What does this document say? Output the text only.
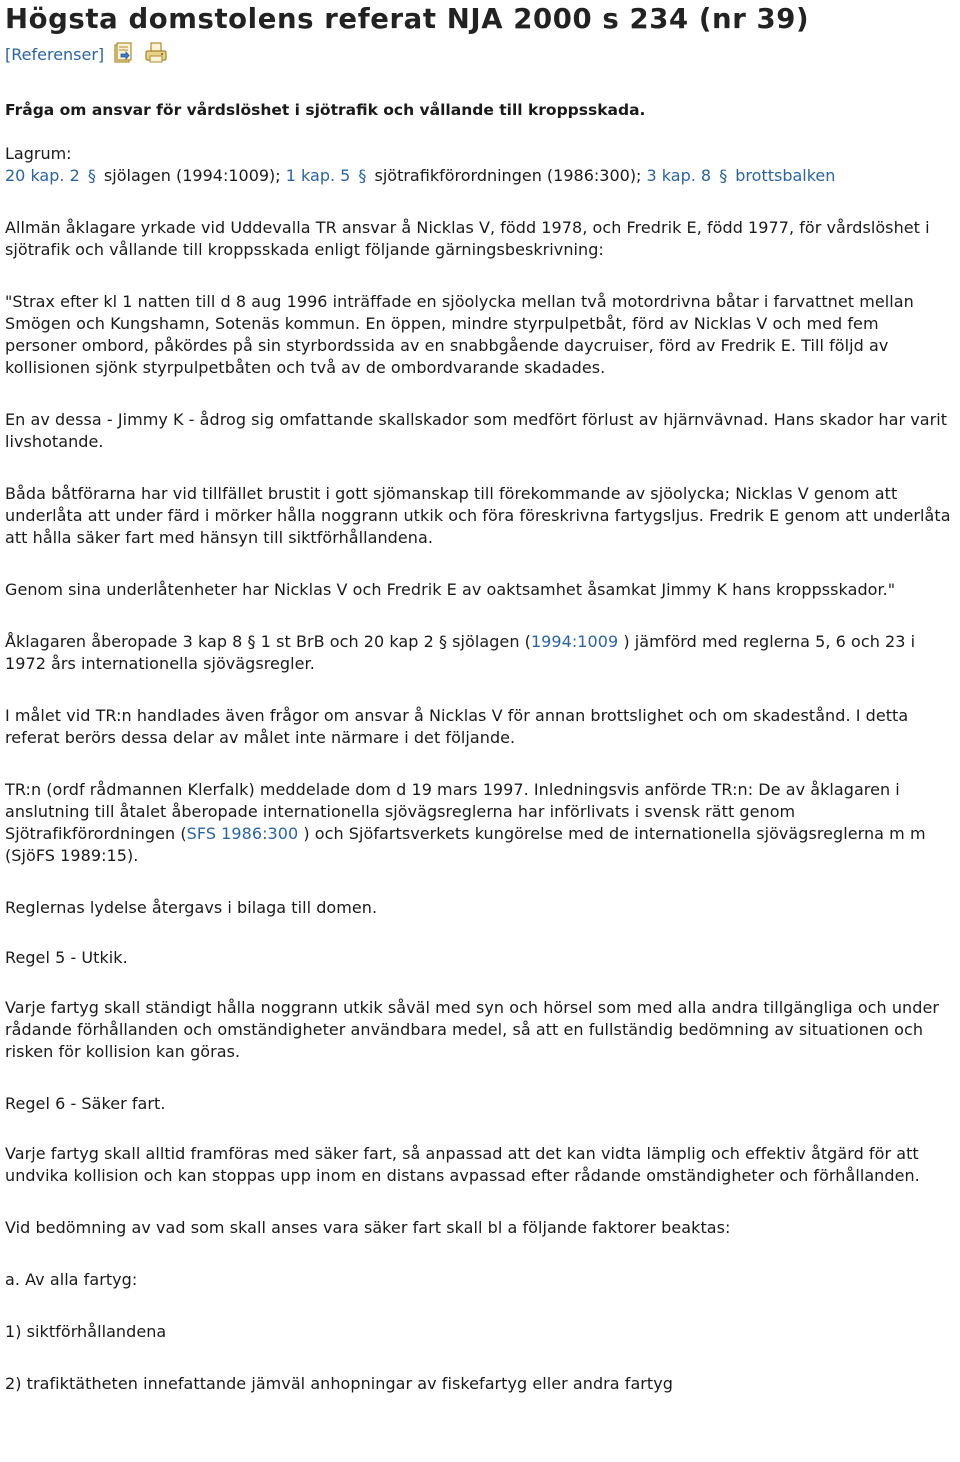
Högsta domstolens referat NJA 2000 s 234 (nr 39)
[Referenser]
Fråga om ansvar för vårdslöshet i sjötrafik och vållande till kroppsskada.
Lagrum:
20 kap. 2 § sjölagen (1994:1009); 1 kap. 5 § sjötrafikförordningen (1986:300); 3 kap. 8 § brottsbalken

Allmän åklagare yrkade vid Uddevalla TR ansvar å Nicklas V, född 1978, och Fredrik E, född 1977, för vårdslöshet i sjötrafik och vållande till kroppsskada enligt följande gärningsbeskrivning:

"Strax efter kl 1 natten till d 8 aug 1996 inträffade en sjöolycka mellan två motordrivna båtar i farvattnet mellan Smögen och Kungshamn, Sotenäs kommun. En öppen, mindre styrpulpetbåt, förd av Nicklas V och med fem personer ombord, påkördes på sin styrbordssida av en snabbgående daycruiser, förd av Fredrik E. Till följd av kollisionen sjönk styrpulpetbåten och två av de ombordvarande skadades.

En av dessa - Jimmy K - ådrog sig omfattande skallskador som medfört förlust av hjärnvävnad. Hans skador har varit livshotande.

Båda båtförarna har vid tillfället brustit i gott sjömanskap till förekommande av sjöolycka; Nicklas V genom att underlåta att under färd i mörker hålla noggrann utkik och föra föreskrivna fartygsljus. Fredrik E genom att underlåta att hålla säker fart med hänsyn till siktförhållandena.

Genom sina underlåtenheter har Nicklas V och Fredrik E av oaktsamhet åsamkat Jimmy K hans kroppsskador."

Åklagaren åberopade 3 kap 8 § 1 st BrB och 20 kap 2 § sjölagen (1994:1009 ) jämförd med reglerna 5, 6 och 23 i 1972 års internationella sjövägsregler.

I målet vid TR:n handlades även frågor om ansvar å Nicklas V för annan brottslighet och om skadestånd. I detta referat berörs dessa delar av målet inte närmare i det följande.

TR:n (ordf rådmannen Klerfalk) meddelade dom d 19 mars 1997. Inledningsvis anförde TR:n: De av åklagaren i anslutning till åtalet åberopade internationella sjövägsreglerna har införlivats i svensk rätt genom Sjötrafikförordningen (SFS 1986:300 ) och Sjöfartsverkets kungörelse med de internationella sjövägsreglerna m m (SjöFS 1989:15).

Reglernas lydelse återgavs i bilaga till domen.

Regel 5 - Utkik.

Varje fartyg skall ständigt hålla noggrann utkik såväl med syn och hörsel som med alla andra tillgängliga och under rådande förhållanden och omständigheter användbara medel, så att en fullständig bedömning av situationen och risken för kollision kan göras.

Regel 6 - Säker fart.

Varje fartyg skall alltid framföras med säker fart, så anpassad att det kan vidta lämplig och effektiv åtgärd för att undvika kollision och kan stoppas upp inom en distans avpassad efter rådande omständigheter och förhållanden.

Vid bedömning av vad som skall anses vara säker fart skall bl a följande faktorer beaktas:

a. Av alla fartyg:

1) siktförhållandena

2) trafiktätheten innefattande jämväl anhopningar av fiskefartyg eller andra fartyg
